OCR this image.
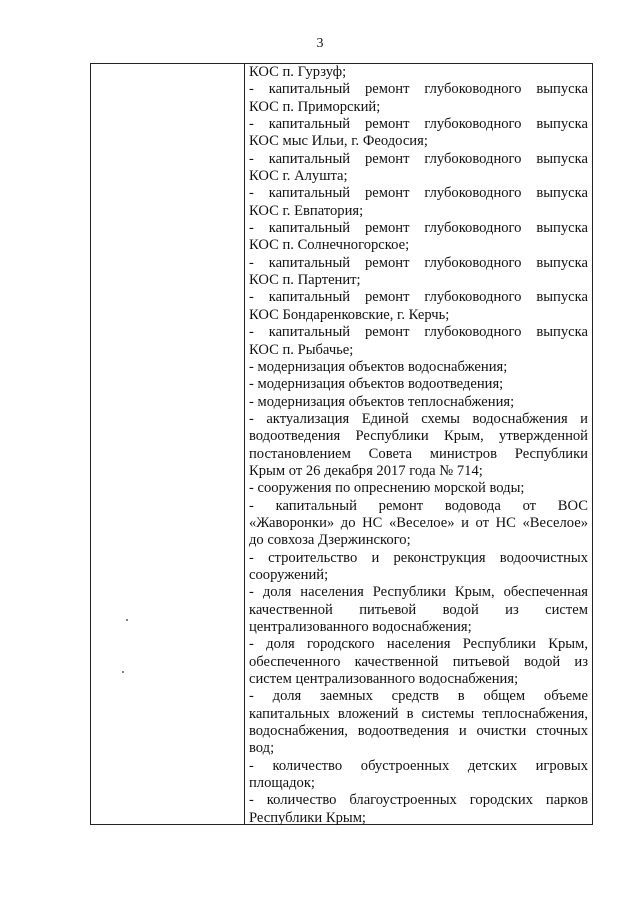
3
КОС п. Гурзуф;
- капитальный ремонт глубоководного выпуска
КОС п. Приморский;
- капитальный ремонт глубоководного выпуска
КОС мыс Ильи, г. Феодосия;
- капитальный ремонт глубоководного выпуска
КОС г. Алушта;
- капитальный ремонт глубоководного выпуска
КОС г. Евпатория;
- капитальный ремонт глубоководного выпуска
КОС п. Солнечногорское;
- капитальный ремонт глубоководного выпуска
КОС п. Партенит;
- капитальный ремонт глубоководного выпуска
КОС Бондаренковские, г. Керчь;
- капитальный ремонт глубоководного выпуска
КОС п. Рыбачье;
- модернизация объектов водоснабжения;
- модернизация объектов водоотведения;
- модернизация объектов теплоснабжения;
- актуализация Единой схемы водоснабжения и
водоотведения Республики Крым, утвержденной
постановлением Совета министров Республики
Крым от 26 декабря 2017 года № 714;
- сооружения по опреснению морской воды;
- капитальный ремонт водовода от ВОС
«Жаворонки» до НС «Веселое» и от НС «Веселое»
до совхоза Дзержинского;
- строительство и реконструкция водоочистных
сооружений;
- доля населения Республики Крым, обеспеченная
качественной питьевой водой из систем
централизованного водоснабжения;
- доля городского населения Республики Крым,
обеспеченного качественной питьевой водой из
систем централизованного водоснабжения;
- доля заемных средств в общем объеме
капитальных вложений в системы теплоснабжения,
водоснабжения, водоотведения и очистки сточных
вод;
- количество обустроенных детских игровых
площадок;
- количество благоустроенных городских парков
Республики Крым;
